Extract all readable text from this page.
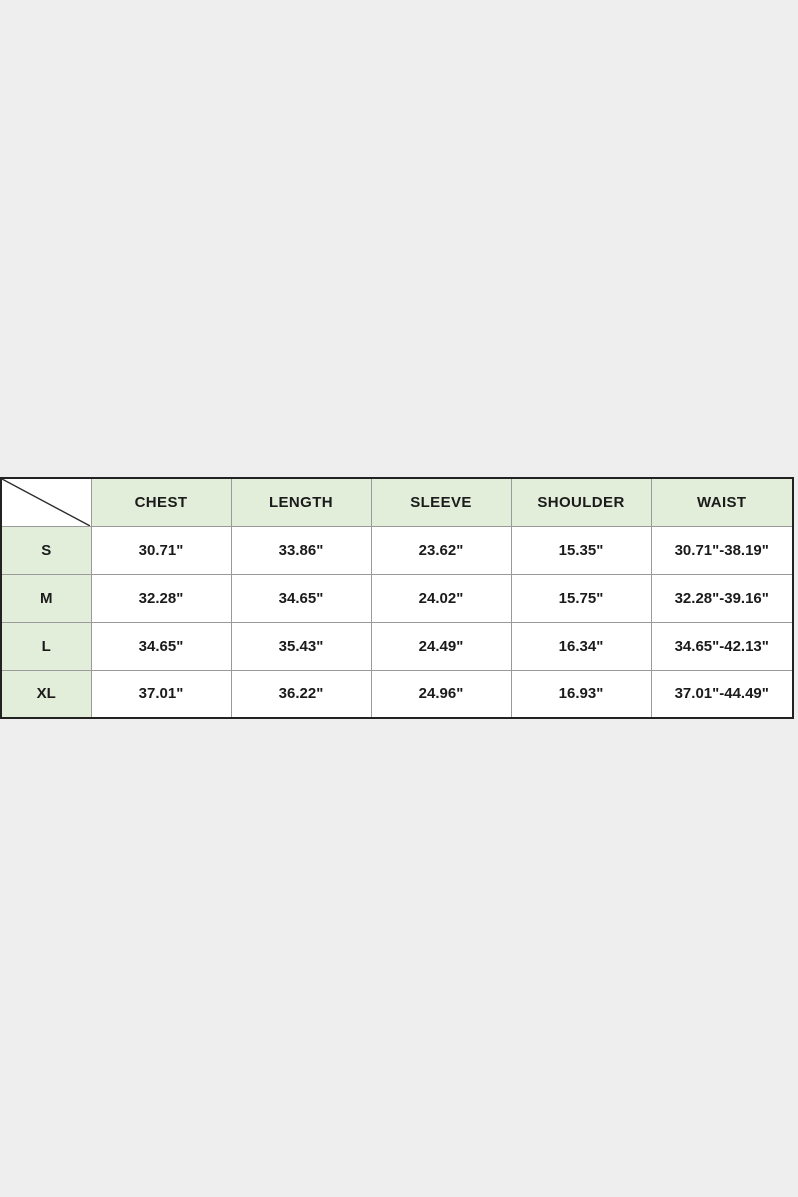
	CHEST	LENGTH	SLEEVE	SHOULDER	WAIST
S	30.71"	33.86"	23.62"	15.35"	30.71"-38.19"
M	32.28"	34.65"	24.02"	15.75"	32.28"-39.16"
L	34.65"	35.43"	24.49"	16.34"	34.65"-42.13"
XL	37.01"	36.22"	24.96"	16.93"	37.01"-44.49"
